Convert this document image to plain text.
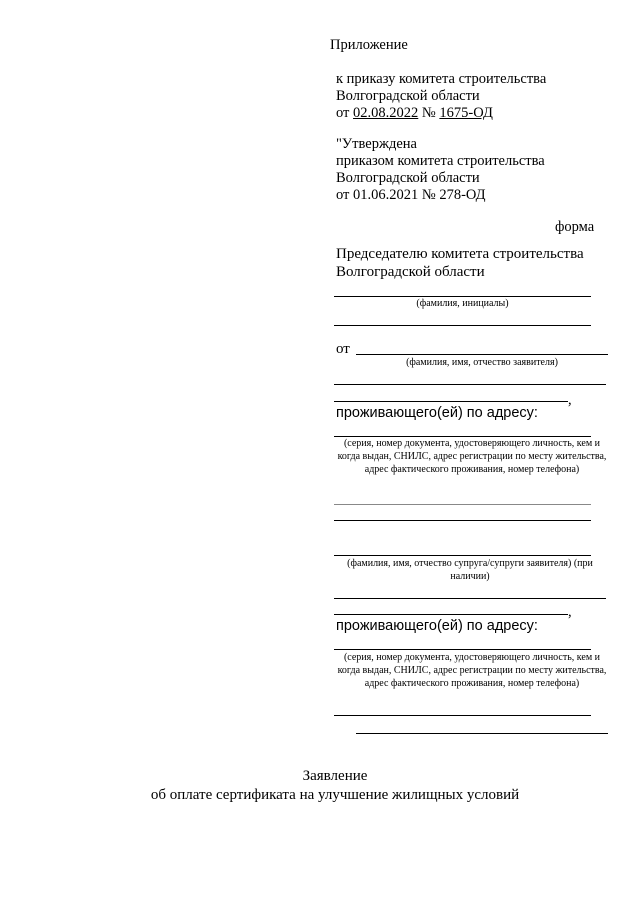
Приложение
к приказу комитета строительства
Волгоградской области
от 02.08.2022 № 1675-ОД
"Утверждена
приказом комитета строительства
Волгоградской области
от 01.06.2021 № 278-ОД
форма
Председателю комитета строительства
Волгоградской области
(фамилия, инициалы)
от
(фамилия, имя, отчество заявителя)
,
проживающего(ей) по адресу:
(серия, номер документа, удостоверяющего личность, кем и когда выдан, СНИЛС, адрес регистрации по месту жительства, адрес фактического проживания, номер телефона)
(фамилия, имя, отчество супруга/супруги заявителя) (при наличии)
,
проживающего(ей) по адресу:
(серия, номер документа, удостоверяющего личность, кем и когда выдан, СНИЛС, адрес регистрации по месту жительства, адрес фактического проживания, номер телефона)
Заявление
об оплате сертификата на улучшение жилищных условий
